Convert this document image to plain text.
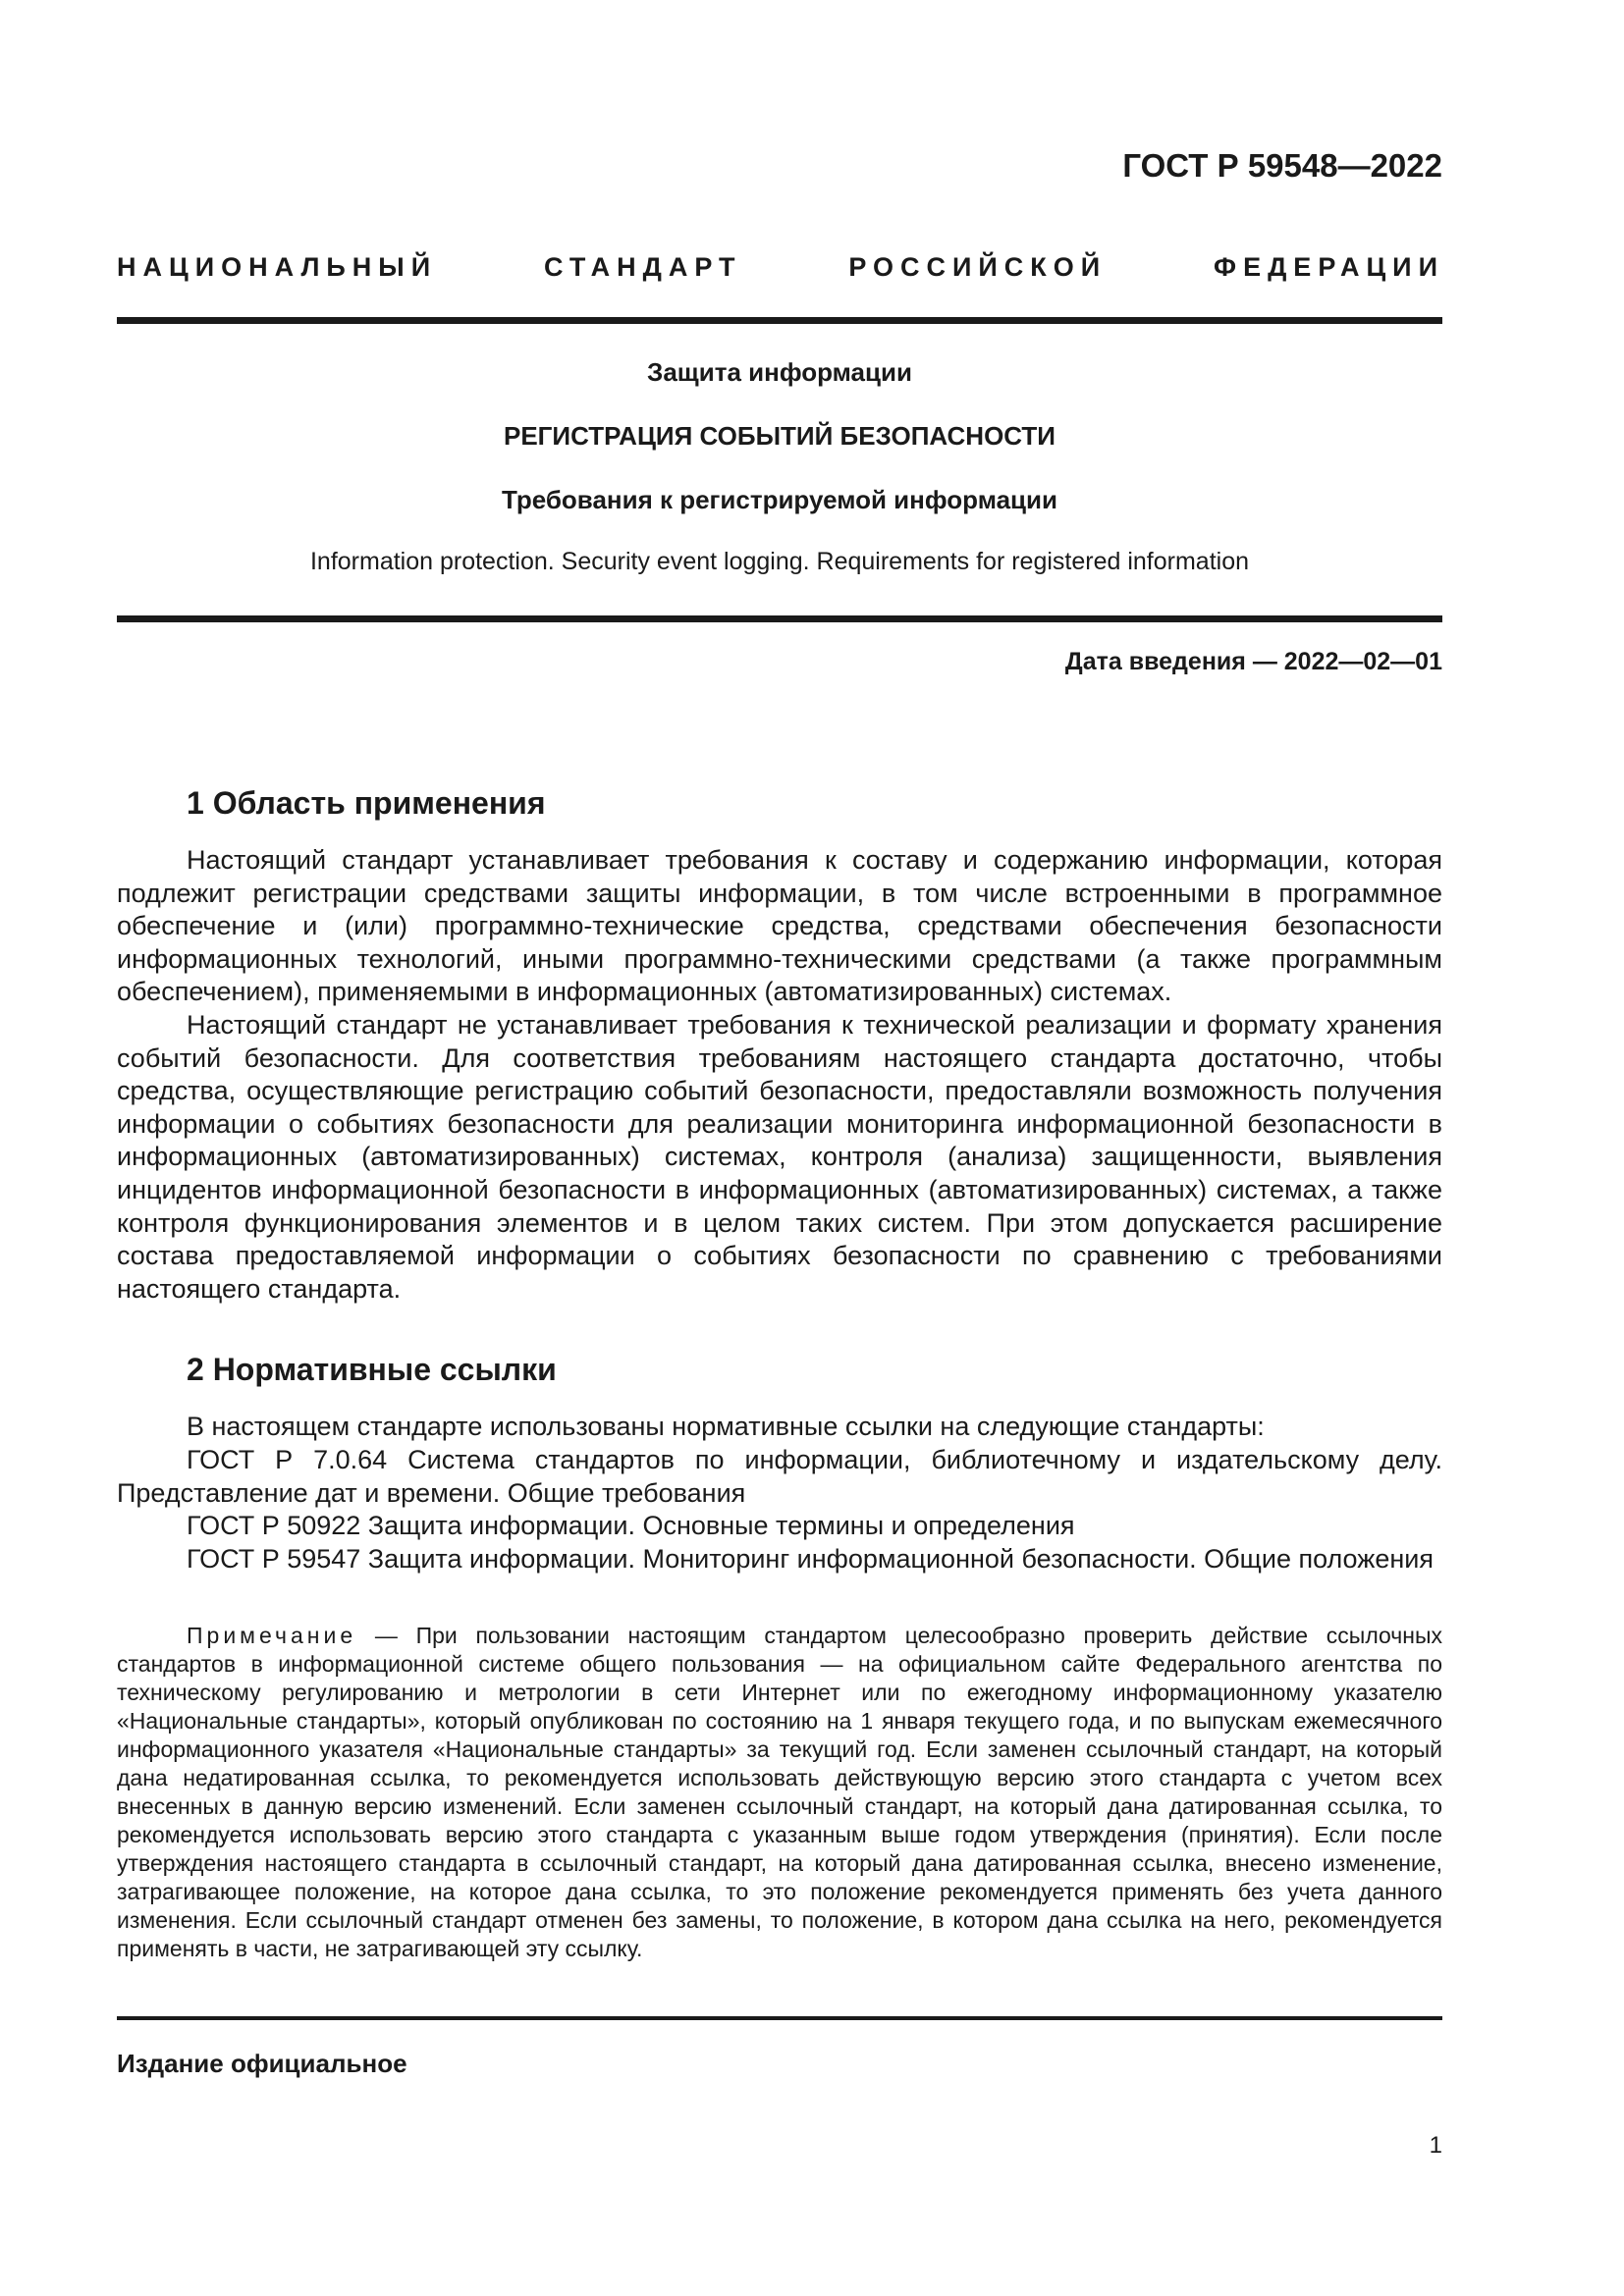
ГОСТ Р 59548—2022
НАЦИОНАЛЬНЫЙ СТАНДАРТ РОССИЙСКОЙ ФЕДЕРАЦИИ
Защита информации
РЕГИСТРАЦИЯ СОБЫТИЙ БЕЗОПАСНОСТИ
Требования к регистрируемой информации
Information protection. Security event logging. Requirements for registered information
Дата введения — 2022—02—01
1 Область применения
Настоящий стандарт устанавливает требования к составу и содержанию информации, которая подлежит регистрации средствами защиты информации, в том числе встроенными в программное обеспечение и (или) программно-технические средства, средствами обеспечения безопасности информационных технологий, иными программно-техническими средствами (а также программным обеспечением), применяемыми в информационных (автоматизированных) системах.
Настоящий стандарт не устанавливает требования к технической реализации и формату хранения событий безопасности. Для соответствия требованиям настоящего стандарта достаточно, чтобы средства, осуществляющие регистрацию событий безопасности, предоставляли возможность получения информации о событиях безопасности для реализации мониторинга информационной безопасности в информационных (автоматизированных) системах, контроля (анализа) защищенности, выявления инцидентов информационной безопасности в информационных (автоматизированных) системах, а также контроля функционирования элементов и в целом таких систем. При этом допускается расширение состава предоставляемой информации о событиях безопасности по сравнению с требованиями настоящего стандарта.
2 Нормативные ссылки
В настоящем стандарте использованы нормативные ссылки на следующие стандарты:
ГОСТ Р 7.0.64 Система стандартов по информации, библиотечному и издательскому делу. Представление дат и времени. Общие требования
ГОСТ Р 50922 Защита информации. Основные термины и определения
ГОСТ Р 59547 Защита информации. Мониторинг информационной безопасности. Общие положения
Примечание — При пользовании настоящим стандартом целесообразно проверить действие ссылочных стандартов в информационной системе общего пользования — на официальном сайте Федерального агентства по техническому регулированию и метрологии в сети Интернет или по ежегодному информационному указателю «Национальные стандарты», который опубликован по состоянию на 1 января текущего года, и по выпускам ежемесячного информационного указателя «Национальные стандарты» за текущий год. Если заменен ссылочный стандарт, на который дана недатированная ссылка, то рекомендуется использовать действующую версию этого стандарта с учетом всех внесенных в данную версию изменений. Если заменен ссылочный стандарт, на который дана датированная ссылка, то рекомендуется использовать версию этого стандарта с указанным выше годом утверждения (принятия). Если после утверждения настоящего стандарта в ссылочный стандарт, на который дана датированная ссылка, внесено изменение, затрагивающее положение, на которое дана ссылка, то это положение рекомендуется применять без учета данного изменения. Если ссылочный стандарт отменен без замены, то положение, в котором дана ссылка на него, рекомендуется применять в части, не затрагивающей эту ссылку.
Издание официальное
1
